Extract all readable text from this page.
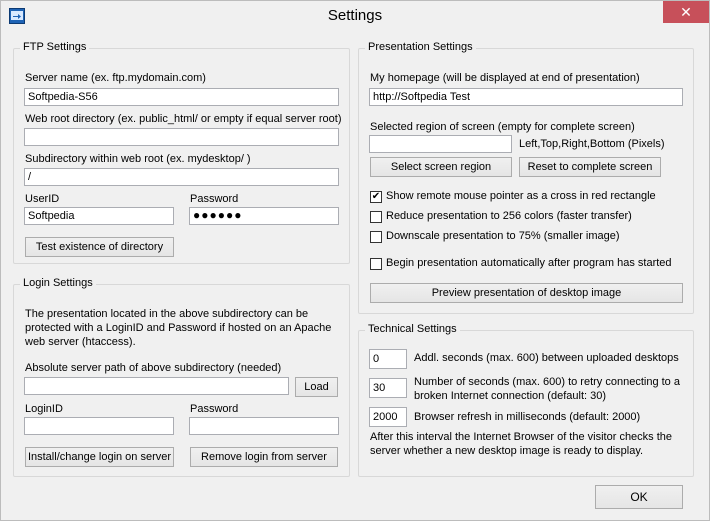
Settings	✕
FTP Settings
Server name (ex. ftp.mydomain.com)
Softpedia-S56
Web root directory (ex. public_html/ or empty if equal server root)
Subdirectory within web root (ex. mydesktop/ )
/
UserID
Softpedia
Password
●●●●●●
Test existence of directory
Login Settings
The presentation located in the above subdirectory can be
protected with a LoginID and Password if hosted on an Apache
web server (htaccess).
Absolute server path of above subdirectory (needed)
Load
LoginID	Password
Install/change login on server	Remove login from server
Presentation Settings
My homepage (will be displayed at end of presentation)
http://Softpedia Test
Selected region of screen (empty for complete screen)
Left,Top,Right,Bottom (Pixels)
Select screen region	Reset to complete screen
✔ Show remote mouse pointer as a cross in red rectangle
Reduce presentation to 256 colors (faster transfer)
Downscale presentation to 75% (smaller image)
Begin presentation automatically after program has started
Preview presentation of desktop image
Technical Settings
0	Addl. seconds (max. 600) between uploaded desktops
30	Number of seconds (max. 600) to retry connecting to a
broken Internet connection (default: 30)
2000	Browser refresh in milliseconds (default: 2000)
After this interval the Internet Browser of the visitor checks the
server whether a new desktop image is ready to display.
OK
